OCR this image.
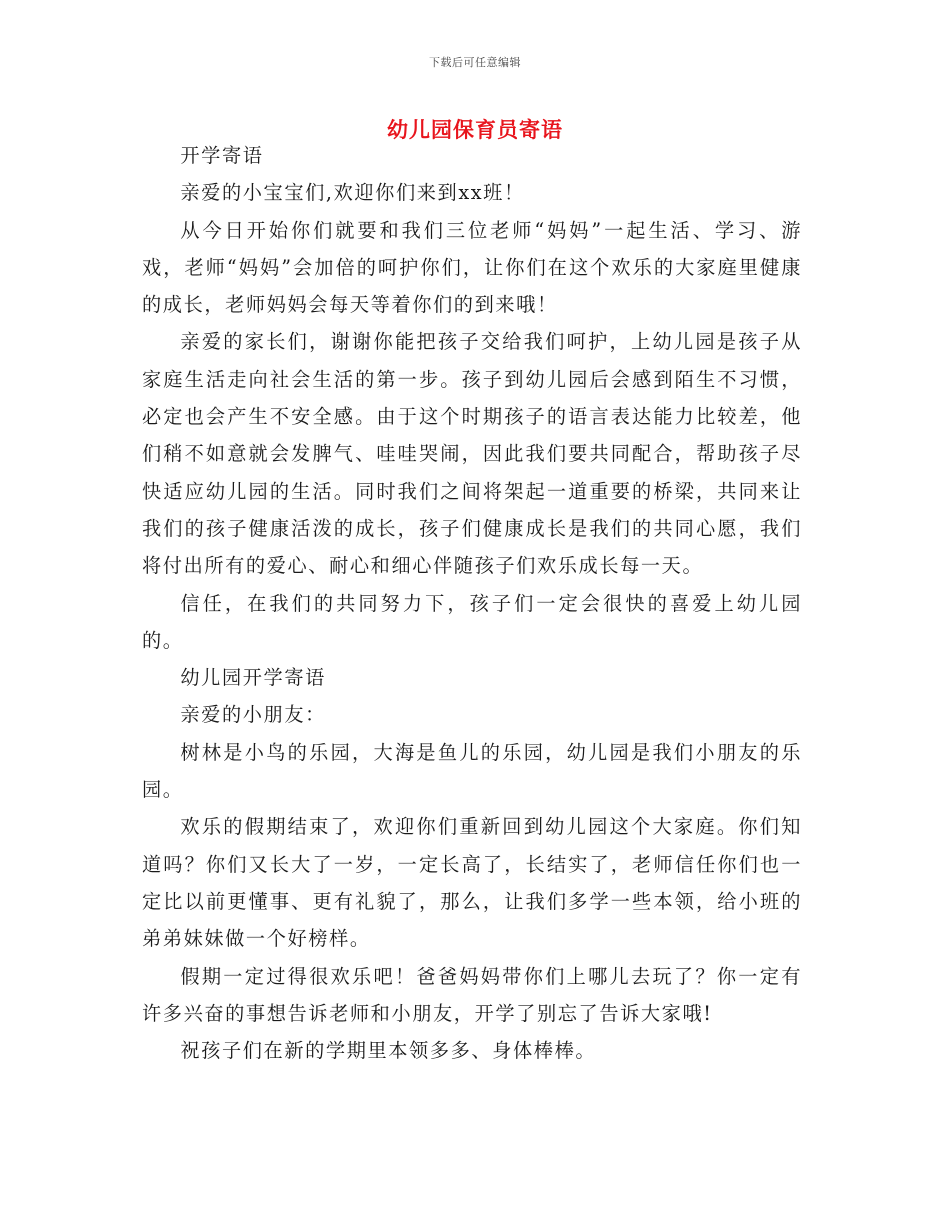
下载后可任意编辑
幼儿园保育员寄语

开学寄语

亲爱的小宝宝们,欢迎你们来到xx班！

从今日开始你们就要和我们三位老师“妈妈”一起生活、学习、游戏，老师“妈妈”会加倍的呵护你们，让你们在这个欢乐的大家庭里健康的成长，老师妈妈会每天等着你们的到来哦！

亲爱的家长们，谢谢你能把孩子交给我们呵护，上幼儿园是孩子从家庭生活走向社会生活的第一步。孩子到幼儿园后会感到陌生不习惯，必定也会产生不安全感。由于这个时期孩子的语言表达能力比较差，他们稍不如意就会发脾气、哇哇哭闹，因此我们要共同配合，帮助孩子尽快适应幼儿园的生活。同时我们之间将架起一道重要的桥梁，共同来让我们的孩子健康活泼的成长，孩子们健康成长是我们的共同心愿，我们将付出所有的爱心、耐心和细心伴随孩子们欢乐成长每一天。

信任，在我们的共同努力下，孩子们一定会很快的喜爱上幼儿园的。

幼儿园开学寄语

亲爱的小朋友：

树林是小鸟的乐园，大海是鱼儿的乐园，幼儿园是我们小朋友的乐园。

欢乐的假期结束了，欢迎你们重新回到幼儿园这个大家庭。你们知道吗？你们又长大了一岁，一定长高了，长结实了，老师信任你们也一定比以前更懂事、更有礼貌了，那么，让我们多学一些本领，给小班的弟弟妹妹做一个好榜样。

假期一定过得很欢乐吧！爸爸妈妈带你们上哪儿去玩了？你一定有许多兴奋的事想告诉老师和小朋友，开学了别忘了告诉大家哦!

祝孩子们在新的学期里本领多多、身体棒棒。
